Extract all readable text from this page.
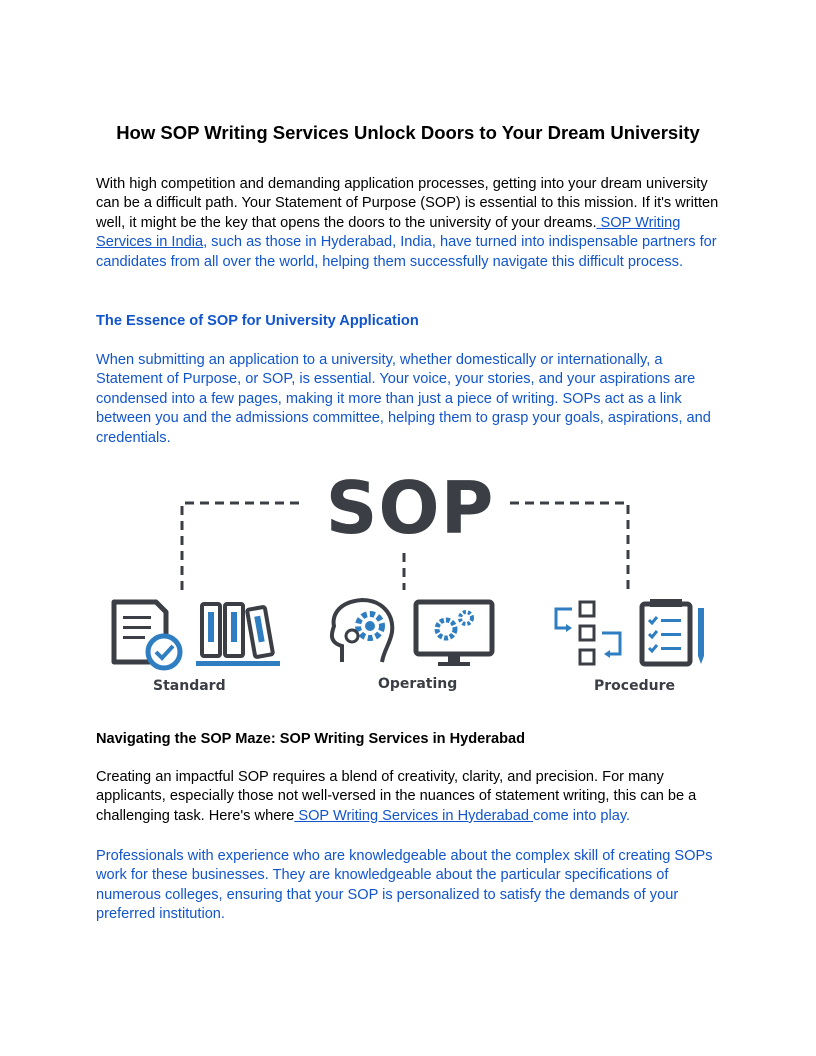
How SOP Writing Services Unlock Doors to Your Dream University

With high competition and demanding application processes, getting into your dream university can be a difficult path. Your Statement of Purpose (SOP) is essential to this mission. If it's written well, it might be the key that opens the doors to the university of your dreams. SOP Writing Services in India, such as those in Hyderabad, India, have turned into indispensable partners for candidates from all over the world, helping them successfully navigate this difficult process.

The Essence of SOP for University Application

When submitting an application to a university, whether domestically or internationally, a Statement of Purpose, or SOP, is essential. Your voice, your stories, and your aspirations are condensed into a few pages, making it more than just a piece of writing. SOPs act as a link between you and the admissions committee, helping them to grasp your goals, aspirations, and credentials.

SOP
Standard	Operating	Procedure
Navigating the SOP Maze: SOP Writing Services in Hyderabad

Creating an impactful SOP requires a blend of creativity, clarity, and precision. For many applicants, especially those not well-versed in the nuances of statement writing, this can be a challenging task. Here's where SOP Writing Services in Hyderabad come into play.

Professionals with experience who are knowledgeable about the complex skill of creating SOPs work for these businesses. They are knowledgeable about the particular specifications of numerous colleges, ensuring that your SOP is personalized to satisfy the demands of your preferred institution.
